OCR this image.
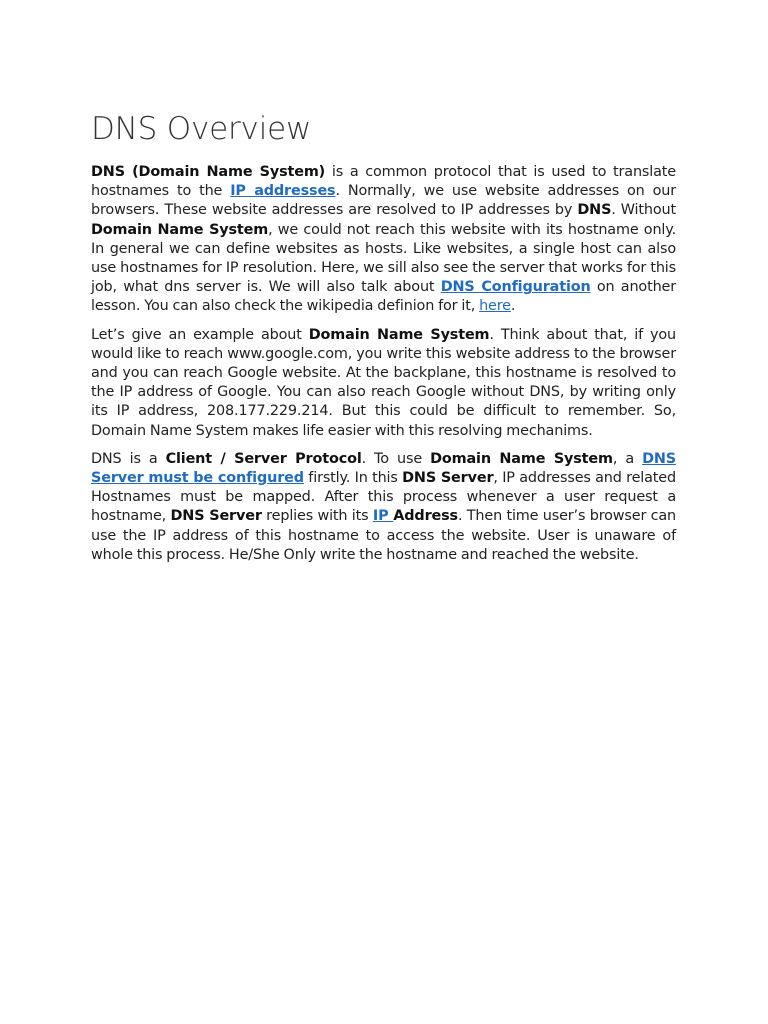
DNS Overview

DNS (Domain Name System) is a common protocol that is used to translate hostnames to the IP addresses. Normally, we use website addresses on our browsers. These website addresses are resolved to IP addresses by DNS. Without Domain Name System, we could not reach this website with its hostname only. In general we can define websites as hosts. Like websites, a single host can also use hostnames for IP resolution. Here, we sill also see the server that works for this job, what dns server is. We will also talk about DNS Configuration on another lesson. You can also check the wikipedia definion for it, here.

Let’s give an example about Domain Name System. Think about that, if you would like to reach www.google.com, you write this website address to the browser and you can reach Google website. At the backplane, this hostname is resolved to the IP address of Google. You can also reach Google without DNS, by writing only its IP address, 208.177.229.214. But this could be difficult to remember. So, Domain Name System makes life easier with this resolving mechanims.

DNS is a Client / Server Protocol. To use Domain Name System, a DNS Server must be configured firstly. In this DNS Server, IP addresses and related Hostnames must be mapped. After this process whenever a user request a hostname, DNS Server replies with its IP Address. Then time user’s browser can use the IP address of this hostname to access the website. User is unaware of whole this process. He/She Only write the hostname and reached the website.
